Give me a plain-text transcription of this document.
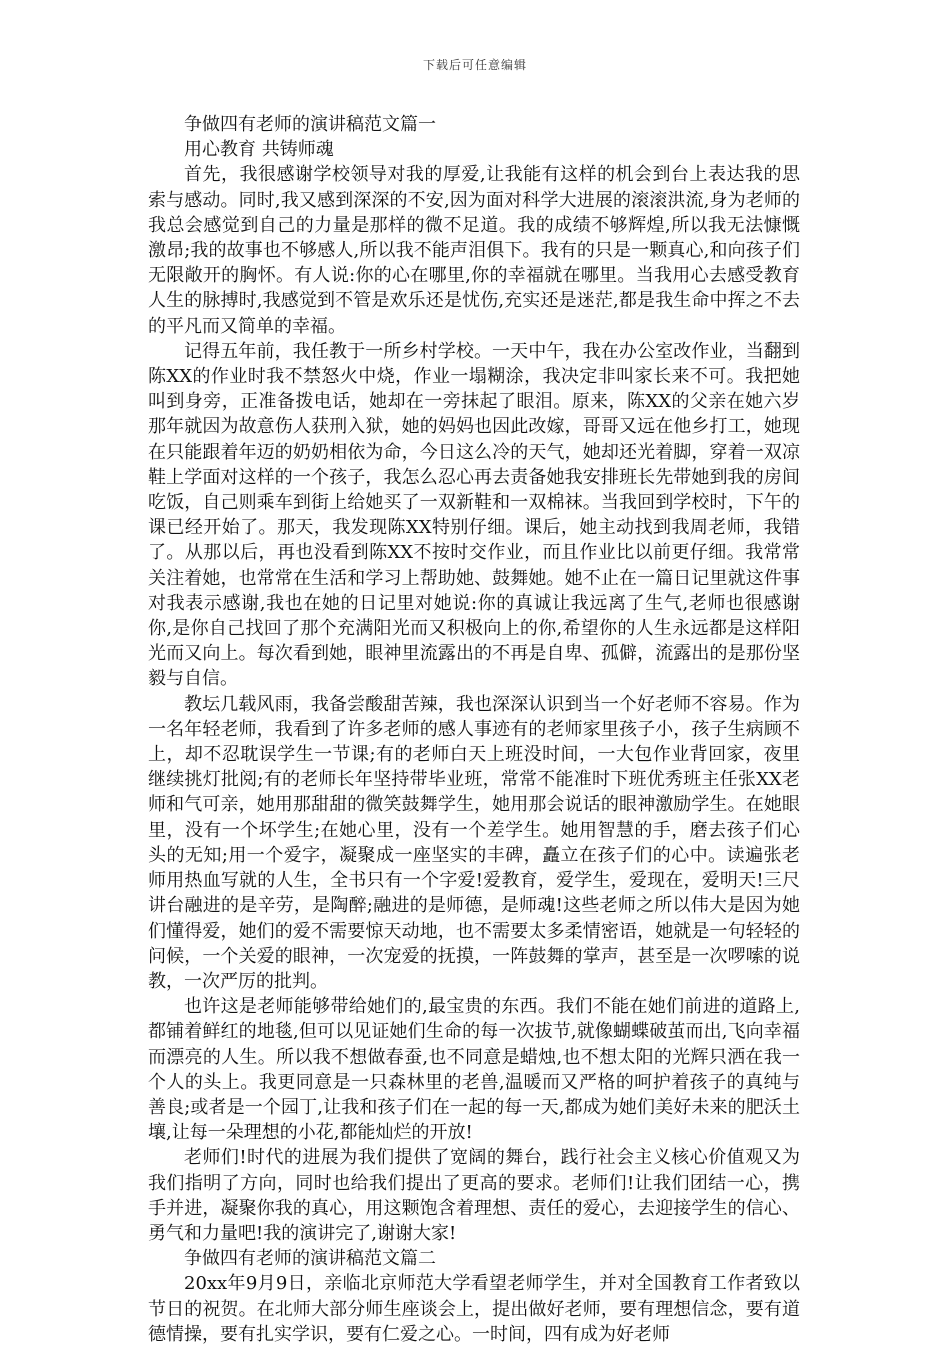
下载后可任意编辑

争做四有老师的演讲稿范文篇一

用心教育 共铸师魂

首先，我很感谢学校领导对我的厚爱,让我能有这样的机会到台上表达我的思索与感动。同时,我又感到深深的不安,因为面对科学大进展的滚滚洪流,身为老师的我总会感觉到自己的力量是那样的微不足道。我的成绩不够辉煌,所以我无法慷慨激昂;我的故事也不够感人,所以我不能声泪俱下。我有的只是一颗真心,和向孩子们无限敞开的胸怀。有人说:你的心在哪里,你的幸福就在哪里。当我用心去感受教育人生的脉搏时,我感觉到不管是欢乐还是忧伤,充实还是迷茫,都是我生命中挥之不去的平凡而又简单的幸福。

记得五年前，我任教于一所乡村学校。一天中午，我在办公室改作业，当翻到陈XX的作业时我不禁怒火中烧，作业一塌糊涂，我决定非叫家长来不可。我把她叫到身旁，正准备拨电话，她却在一旁抹起了眼泪。原来，陈XX的父亲在她六岁那年就因为故意伤人获刑入狱，她的妈妈也因此改嫁，哥哥又远在他乡打工，她现在只能跟着年迈的奶奶相依为命，今日这么冷的天气，她却还光着脚，穿着一双凉鞋上学面对这样的一个孩子，我怎么忍心再去责备她我安排班长先带她到我的房间吃饭，自己则乘车到街上给她买了一双新鞋和一双棉袜。当我回到学校时，下午的课已经开始了。那天，我发现陈XX特别仔细。课后，她主动找到我周老师，我错了。从那以后，再也没看到陈XX不按时交作业，而且作业比以前更仔细。我常常关注着她，也常常在生活和学习上帮助她、鼓舞她。她不止在一篇日记里就这件事对我表示感谢,我也在她的日记里对她说:你的真诚让我远离了生气,老师也很感谢你,是你自己找回了那个充满阳光而又积极向上的你,希望你的人生永远都是这样阳光而又向上。每次看到她，眼神里流露出的不再是自卑、孤僻，流露出的是那份坚毅与自信。

教坛几载风雨，我备尝酸甜苦辣，我也深深认识到当一个好老师不容易。作为一名年轻老师，我看到了许多老师的感人事迹有的老师家里孩子小，孩子生病顾不上，却不忍耽误学生一节课;有的老师白天上班没时间，一大包作业背回家，夜里继续挑灯批阅;有的老师长年坚持带毕业班，常常不能准时下班优秀班主任张XX老师和气可亲，她用那甜甜的微笑鼓舞学生，她用那会说话的眼神激励学生。在她眼里，没有一个坏学生;在她心里，没有一个差学生。她用智慧的手，磨去孩子们心头的无知;用一个爱字，凝聚成一座坚实的丰碑，矗立在孩子们的心中。读遍张老师用热血写就的人生，全书只有一个字爱!爱教育，爱学生，爱现在，爱明天!三尺讲台融进的是辛劳，是陶醉;融进的是师德，是师魂!这些老师之所以伟大是因为她们懂得爱，她们的爱不需要惊天动地，也不需要太多柔情密语，她就是一句轻轻的问候，一个关爱的眼神，一次宠爱的抚摸，一阵鼓舞的掌声，甚至是一次啰嗦的说教，一次严厉的批判。

也许这是老师能够带给她们的,最宝贵的东西。我们不能在她们前进的道路上,都铺着鲜红的地毯,但可以见证她们生命的每一次拔节,就像蝴蝶破茧而出,飞向幸福而漂亮的人生。所以我不想做春蚕,也不同意是蜡烛,也不想太阳的光辉只洒在我一个人的头上。我更同意是一只森林里的老兽,温暖而又严格的呵护着孩子的真纯与善良;或者是一个园丁,让我和孩子们在一起的每一天,都成为她们美好未来的肥沃土壤,让每一朵理想的小花,都能灿烂的开放!

老师们!时代的进展为我们提供了宽阔的舞台，践行社会主义核心价值观又为我们指明了方向，同时也给我们提出了更高的要求。老师们!让我们团结一心，携手并进，凝聚你我的真心，用这颗饱含着理想、责任的爱心，去迎接学生的信心、勇气和力量吧!我的演讲完了,谢谢大家!

争做四有老师的演讲稿范文篇二

20xx年9月9日，亲临北京师范大学看望老师学生，并对全国教育工作者致以节日的祝贺。在北师大部分师生座谈会上，提出做好老师，要有理想信念，要有道德情操，要有扎实学识，要有仁爱之心。一时间，四有成为好老师
